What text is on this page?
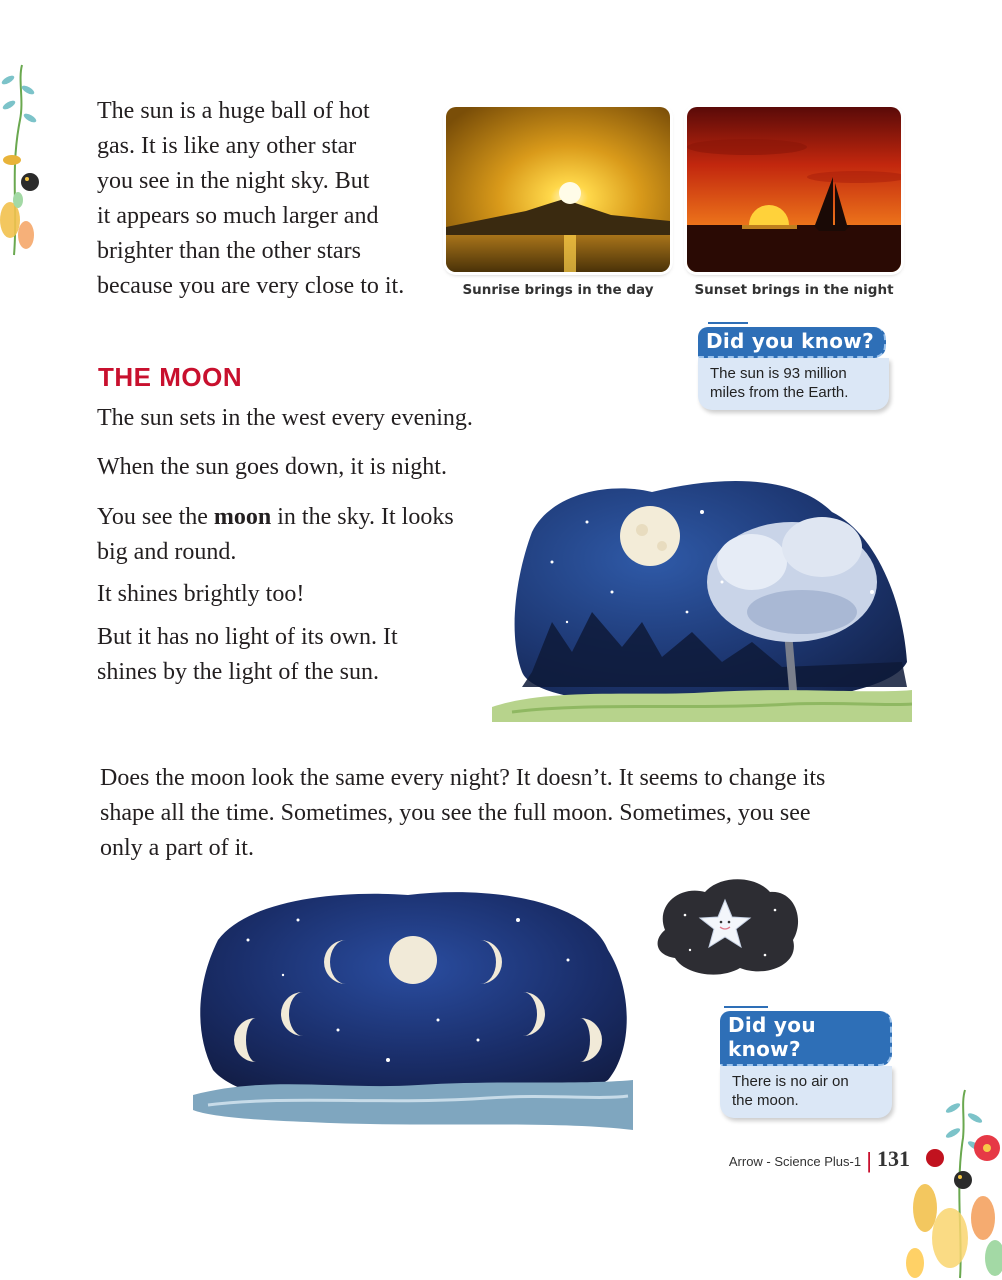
The sun is a huge ball of hot

gas. It is like any other star

you see in the night sky. But

it appears so much larger and

brighter than the other stars

because you are very close to it.	Sunrise brings in the day	Sunset brings in the night
Did you know?
The sun is 93 million
miles from the Earth.
THE MOON

The sun sets in the west every evening.

When the sun goes down, it is night.

You see the moon in the sky. It looks

big and round.

It shines brightly too!

But it has no light of its own. It

shines by the light of the sun.

Does the moon look the same every night? It doesn’t. It seems to change its

shape all the time. Sometimes, you see the full moon. Sometimes, you see

only a part of it.

Did you know?
There is no air on
the moon.
Arrow - Science Plus-1 | 131
